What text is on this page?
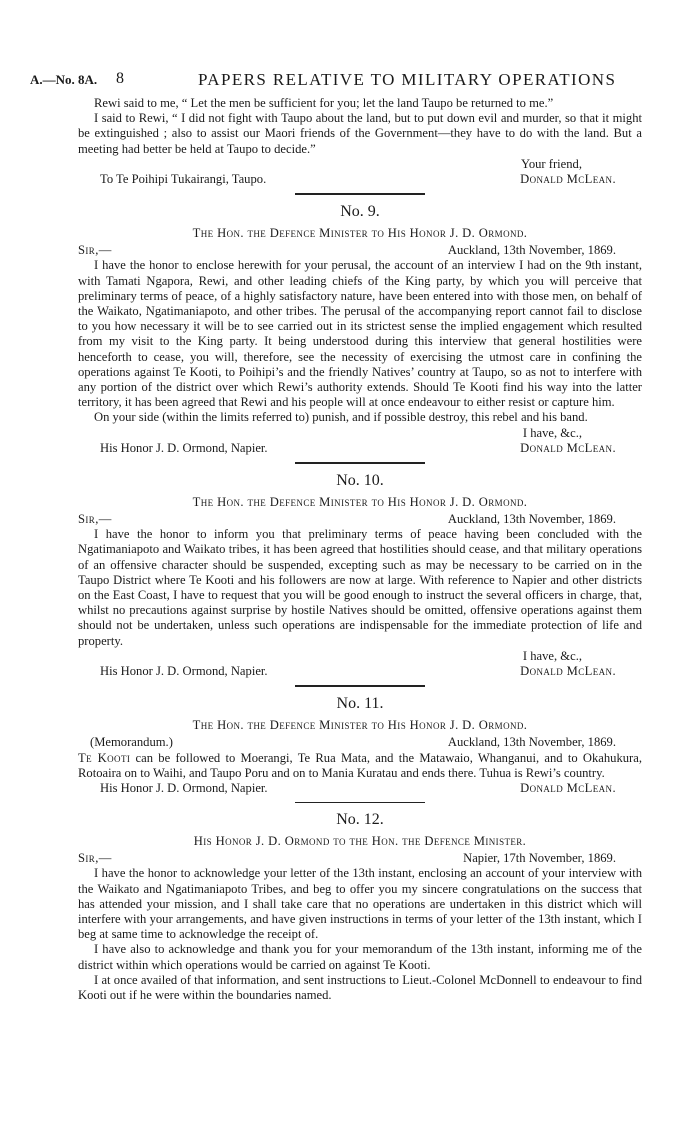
A.—No. 8A. 8	PAPERS RELATIVE TO MILITARY OPERATIONS

Rewi said to me, “ Let the men be sufficient for you; let the land Taupo be returned to me.”

I said to Rewi, “ I did not fight with Taupo about the land, but to put down evil and murder, so that it might be extinguished ; also to assist our Maori friends of the Government—they have to do with the land. But a meeting had better be held at Taupo to decide.”

Your friend,

To Te Poihipi Tukairangi, Taupo.	Donald McLean.
No. 9.
The Hon. the Defence Minister to His Honor J. D. Ormond.
Sir,—	Auckland, 13th November, 1869.

I have the honor to enclose herewith for your perusal, the account of an interview I had on the 9th instant, with Tamati Ngapora, Rewi, and other leading chiefs of the King party, by which you will perceive that preliminary terms of peace, of a highly satisfactory nature, have been entered into with those men, on behalf of the Waikato, Ngatimaniapoto, and other tribes. The perusal of the accompanying report cannot fail to disclose to you how necessary it will be to see carried out in its strictest sense the implied engagement which resulted from my visit to the King party. It being understood during this interview that general hostilities were henceforth to cease, you will, therefore, see the necessity of exercising the utmost care in confining the operations against Te Kooti, to Poihipi’s and the friendly Natives’ country at Taupo, so as not to interfere with any portion of the district over which Rewi’s authority extends. Should Te Kooti find his way into the latter territory, it has been agreed that Rewi and his people will at once endeavour to either resist or capture him.

On your side (within the limits referred to) punish, and if possible destroy, this rebel and his band.

I have, &c.,

His Honor J. D. Ormond, Napier.	Donald McLean.
No. 10.
The Hon. the Defence Minister to His Honor J. D. Ormond.
Sir,—	Auckland, 13th November, 1869.

I have the honor to inform you that preliminary terms of peace having been concluded with the Ngatimaniapoto and Waikato tribes, it has been agreed that hostilities should cease, and that military operations of an offensive character should be suspended, excepting such as may be necessary to be carried on in the Taupo District where Te Kooti and his followers are now at large. With reference to Napier and other districts on the East Coast, I have to request that you will be good enough to instruct the several officers in charge, that, whilst no precautions against surprise by hostile Natives should be omitted, offensive operations against them should not be undertaken, unless such operations are indispensable for the immediate protection of life and property.

I have, &c.,

His Honor J. D. Ormond, Napier.	Donald McLean.
No. 11.
The Hon. the Defence Minister to His Honor J. D. Ormond.
(Memorandum.)	Auckland, 13th November, 1869.

Te Kooti can be followed to Moerangi, Te Rua Mata, and the Matawaio, Whanganui, and to Okahukura, Rotoaira on to Waihi, and Taupo Poru and on to Mania Kuratau and ends there. Tuhua is Rewi’s country.

His Honor J. D. Ormond, Napier.	Donald McLean.
No. 12.
His Honor J. D. Ormond to the Hon. the Defence Minister.
Sir,—	Napier, 17th November, 1869.

I have the honor to acknowledge your letter of the 13th instant, enclosing an account of your interview with the Waikato and Ngatimaniapoto Tribes, and beg to offer you my sincere congratulations on the success that has attended your mission, and I shall take care that no operations are undertaken in this district which will interfere with your arrangements, and have given instructions in terms of your letter of the 13th instant, which I beg at same time to acknowledge the receipt of.

I have also to acknowledge and thank you for your memorandum of the 13th instant, informing me of the district within which operations would be carried on against Te Kooti.

I at once availed of that information, and sent instructions to Lieut.-Colonel McDonnell to endeavour to find Kooti out if he were within the boundaries named.
